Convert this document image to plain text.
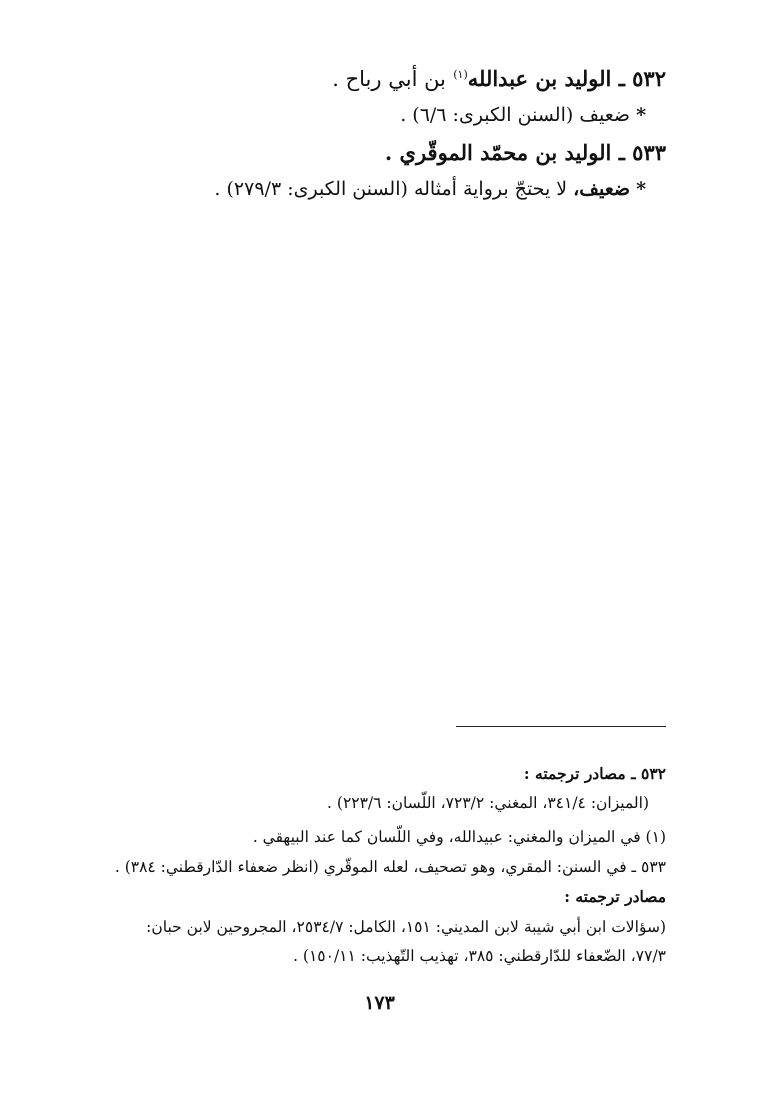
٥٣٢ ـ الوليد بن عبدالله$^{(١)}$ بن أبي رباح .
* ضعيف (السنن الكبرى: ٦/٦) .
٥٣٣ ـ الوليد بن محمّد الموقّري .
* ضعيف، لا يحتجّ برواية أمثاله (السنن الكبرى: ٢٧٩/٣) .
٥٣٢ ـ مصادر ترجمته :
(الميزان: ٣٤١/٤، المغني: ٧٢٣/٢، اللّسان: ٢٢٣/٦) .
(١) في الميزان والمغني: عبيدالله، وفي اللّسان كما عند البيهقي .
٥٣٣ ـ في السنن: المقري، وهو تصحيف، لعله الموقّري (انظر ضعفاء الدّارقطني: ٣٨٤) .
مصادر ترجمته :
(سؤالات ابن أبي شيبة لابن المديني: ١٥١، الكامل: ٢٥٣٤/٧، المجروحين لابن حبان: ٧٧/٣، الضّعفاء للدّارقطني: ٣٨٥، تهذيب التّهذيب: ١٥٠/١١) .
١٧٣
